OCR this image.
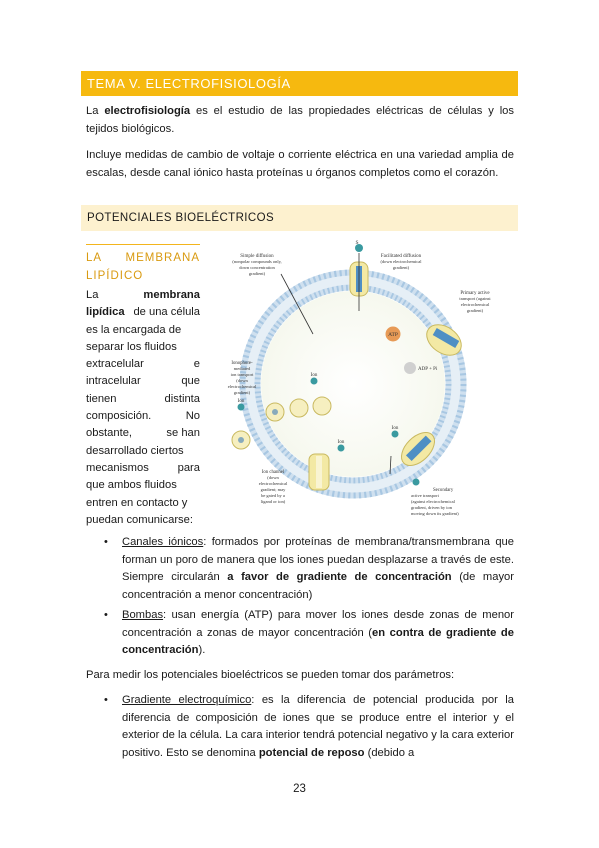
TEMA V. ELECTROFISIOLOGÍA
La electrofisiología es el estudio de las propiedades eléctricas de células y los tejidos biológicos.
Incluye medidas de cambio de voltaje o corriente eléctrica en una variedad amplia de escalas, desde canal iónico hasta proteínas u órganos completos como el corazón.
POTENCIALES BIOELÉCTRICOS
LA MEMBRANA
LIPÍDICO
La	membrana
lipídica de una célula
es la encargada de
separar los fluidos
extracelular	e
intracelular	que
tienen	distinta
composición.	No
obstante,	se han
desarrollado ciertos
mecanismos	para
que ambos fluidos
entren en contacto y
puedan comunicarse:
S
Simple diffusion
(nonpolar compounds only,
down concentration
gradient)
Facilitated diffusion
(down electrochemical
gradient)
Primary active
transport (against
electrochemical
gradient)
ATP
ADP + Pi
Ionophore-
mediated
ion transport
(down
electrochemical
gradient)
Ion channel
(down
electrochemical
gradient; may
be gated by a
ligand or ion)
Secondary
active transport
(against electrochemical
gradient, driven by ion
moving down its gradient)
Ion
Ion
Ion
Ion
• Canales iónicos: formados por proteínas de membrana/transmembrana que forman un poro de manera que los iones puedan desplazarse a través de este. Siempre circularán a favor de gradiente de concentración (de mayor concentración a menor concentración)
• Bombas: usan energía (ATP) para mover los iones desde zonas de menor concentración a zonas de mayor concentración (en contra de gradiente de concentración).
Para medir los potenciales bioeléctricos se pueden tomar dos parámetros:
• Gradiente electroquímico: es la diferencia de potencial producida por la diferencia de composición de iones que se produce entre el interior y el exterior de la célula. La cara interior tendrá potencial negativo y la cara exterior positivo. Esto se denomina potencial de reposo (debido a
23
